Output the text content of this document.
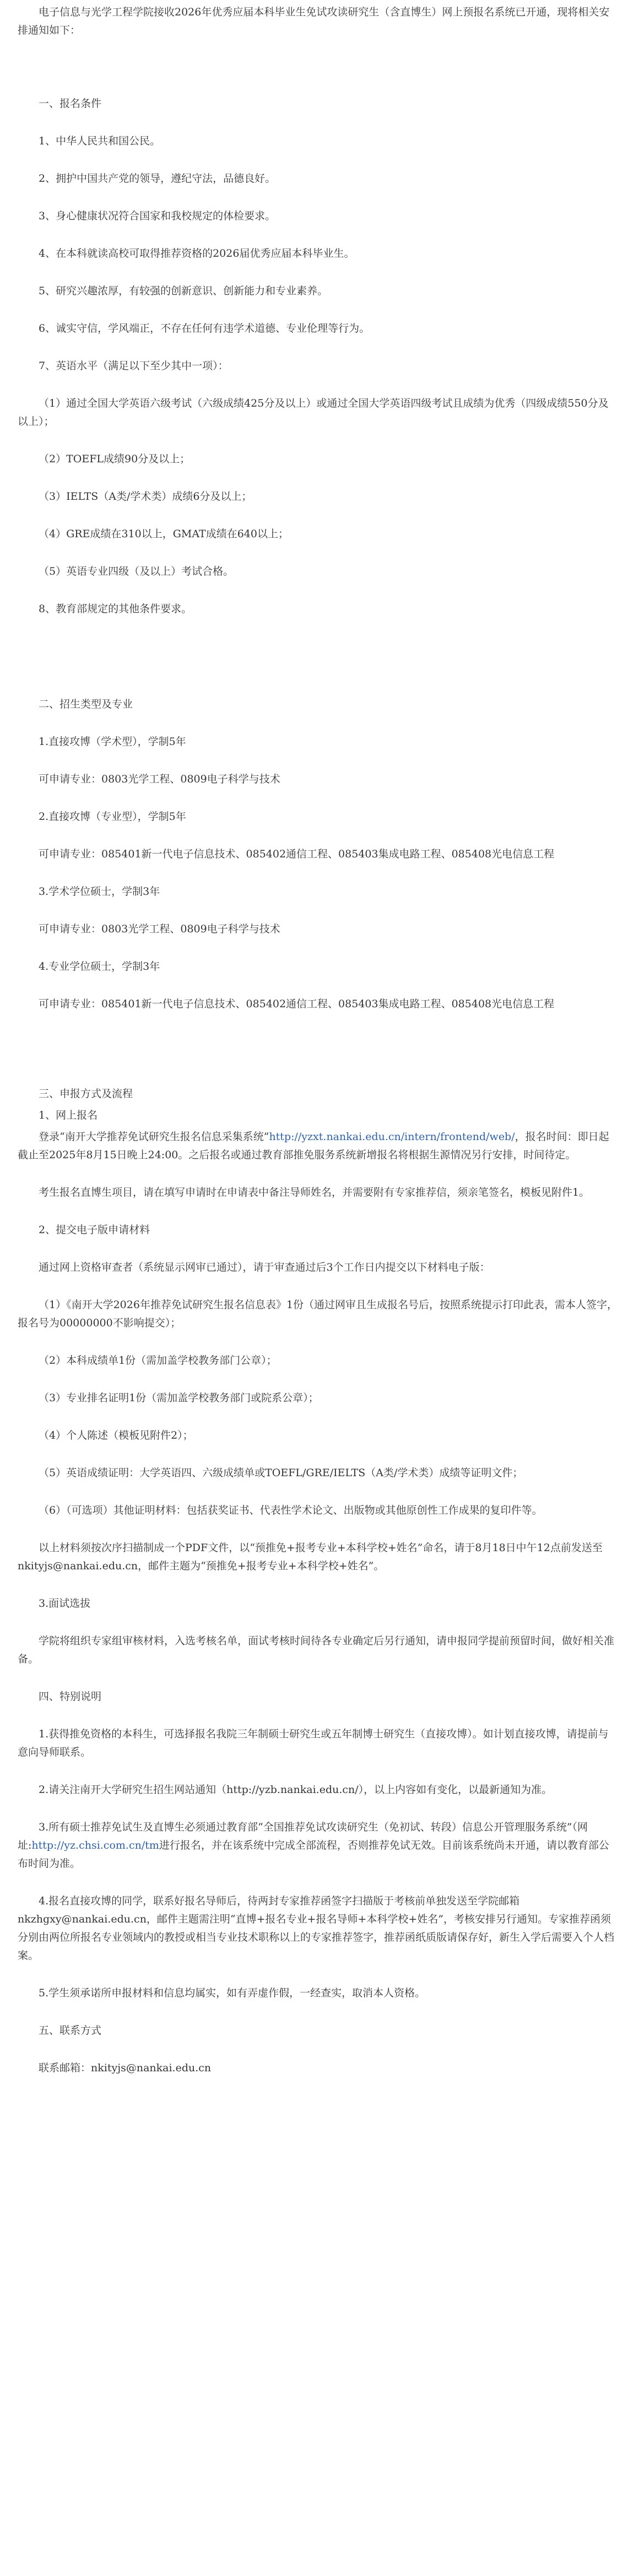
电子信息与光学工程学院接收2026年优秀应届本科毕业生免试攻读研究生（含直博生）网上预报名系统已开通，现将相关安排通知如下：

一、报名条件

1、中华人民共和国公民。

2、拥护中国共产党的领导，遵纪守法，品德良好。

3、身心健康状况符合国家和我校规定的体检要求。

4、在本科就读高校可取得推荐资格的2026届优秀应届本科毕业生。

5、研究兴趣浓厚，有较强的创新意识、创新能力和专业素养。

6、诚实守信，学风端正，不存在任何有违学术道德、专业伦理等行为。

7、英语水平（满足以下至少其中一项）：

（1）通过全国大学英语六级考试（六级成绩425分及以上）或通过全国大学英语四级考试且成绩为优秀（四级成绩550分及以上）；

（2）TOEFL成绩90分及以上；

（3）IELTS（A类/学术类）成绩6分及以上；

（4）GRE成绩在310以上，GMAT成绩在640以上；

（5）英语专业四级（及以上）考试合格。

8、教育部规定的其他条件要求。

二、招生类型及专业

1.直接攻博（学术型），学制5年

可申请专业：0803光学工程、0809电子科学与技术

2.直接攻博（专业型），学制5年

可申请专业：085401新一代电子信息技术、085402通信工程、085403集成电路工程、085408光电信息工程

3.学术学位硕士，学制3年

可申请专业：0803光学工程、0809电子科学与技术

4.专业学位硕士，学制3年

可申请专业：085401新一代电子信息技术、085402通信工程、085403集成电路工程、085408光电信息工程

三、申报方式及流程

1、网上报名

登录“南开大学推荐免试研究生报名信息采集系统”http://yzxt.nankai.edu.cn/intern/frontend/web/，报名时间：即日起截止至2025年8月15日晚上24:00。之后报名或通过教育部推免服务系统新增报名将根据生源情况另行安排，时间待定。

考生报名直博生项目，请在填写申请时在申请表中备注导师姓名，并需要附有专家推荐信，须亲笔签名，模板见附件1。

2、提交电子版申请材料

通过网上资格审查者（系统显示网审已通过），请于审查通过后3个工作日内提交以下材料电子版：

（1）《南开大学2026年推荐免试研究生报名信息表》1份（通过网审且生成报名号后，按照系统提示打印此表，需本人签字，报名号为00000000不影响提交）；

（2）本科成绩单1份（需加盖学校教务部门公章）；

（3）专业排名证明1份（需加盖学校教务部门或院系公章）；

（4）个人陈述（模板见附件2）；

（5）英语成绩证明：大学英语四、六级成绩单或TOEFL/GRE/IELTS（A类/学术类）成绩等证明文件；

（6）（可选项）其他证明材料：包括获奖证书、代表性学术论文、出版物或其他原创性工作成果的复印件等。

以上材料须按次序扫描制成一个PDF文件，以“预推免+报考专业+本科学校+姓名”命名，请于8月18日中午12点前发送至nkityjs@nankai.edu.cn，邮件主题为“预推免+报考专业+本科学校+姓名”。

3.面试选拔

学院将组织专家组审核材料，入选考核名单，面试考核时间待各专业确定后另行通知，请申报同学提前预留时间，做好相关准备。

四、特别说明

1.获得推免资格的本科生，可选择报名我院三年制硕士研究生或五年制博士研究生（直接攻博）。如计划直接攻博，请提前与意向导师联系。

2.请关注南开大学研究生招生网站通知（http://yzb.nankai.edu.cn/），以上内容如有变化，以最新通知为准。

3.所有硕士推荐免试生及直博生必须通过教育部“全国推荐免试攻读研究生（免初试、转段）信息公开管理服务系统”（网址:http://yz.chsi.com.cn/tm进行报名，并在该系统中完成全部流程，否则推荐免试无效。目前该系统尚未开通，请以教育部公布时间为准。

4.报名直接攻博的同学，联系好报名导师后，待两封专家推荐函签字扫描版于考核前单独发送至学院邮箱nkzhgxy@nankai.edu.cn，邮件主题需注明“直博+报名专业+报名导师+本科学校+姓名”，考核安排另行通知。专家推荐函须分别由两位所报名专业领域内的教授或相当专业技术职称以上的专家推荐签字，推荐函纸质版请保存好，新生入学后需要入个人档案。

5.学生须承诺所申报材料和信息均属实，如有弄虚作假，一经查实，取消本人资格。

五、联系方式

联系邮箱：nkityjs@nankai.edu.cn
